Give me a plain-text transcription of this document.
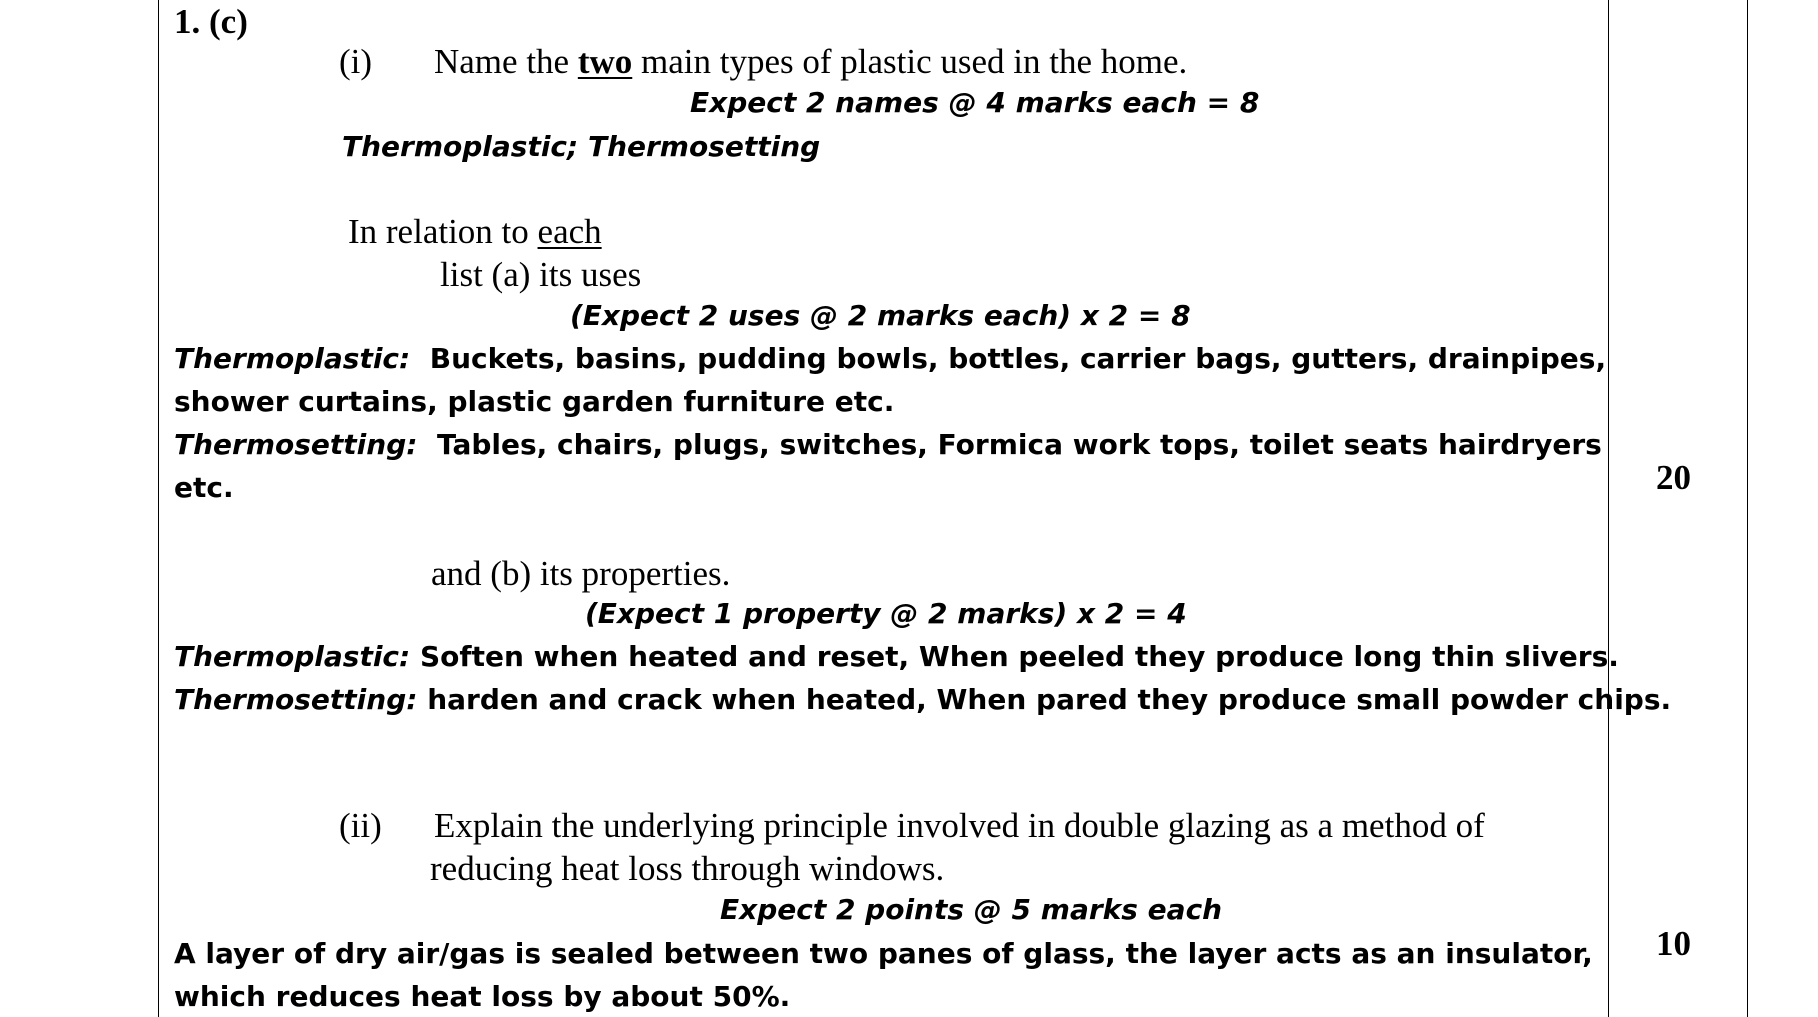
1. (c)
(i) Name the two main types of plastic used in the home.
Expect 2 names @ 4 marks each = 8
Thermoplastic; Thermosetting
In relation to each
list (a) its uses
(Expect 2 uses @ 2 marks each) x 2 = 8
Thermoplastic: Buckets, basins, pudding bowls, bottles, carrier bags, gutters, drainpipes,
shower curtains, plastic garden furniture etc.
Thermosetting: Tables, chairs, plugs, switches, Formica work tops, toilet seats hairdryers
etc.
and (b) its properties.
(Expect 1 property @ 2 marks) x 2 = 4
Thermoplastic: Soften when heated and reset, When peeled they produce long thin slivers.
Thermosetting: harden and crack when heated, When pared they produce small powder chips.
20
(ii) Explain the underlying principle involved in double glazing as a method of
reducing heat loss through windows.
Expect 2 points @ 5 marks each
A layer of dry air/gas is sealed between two panes of glass, the layer acts as an insulator,
which reduces heat loss by about 50%.
10
